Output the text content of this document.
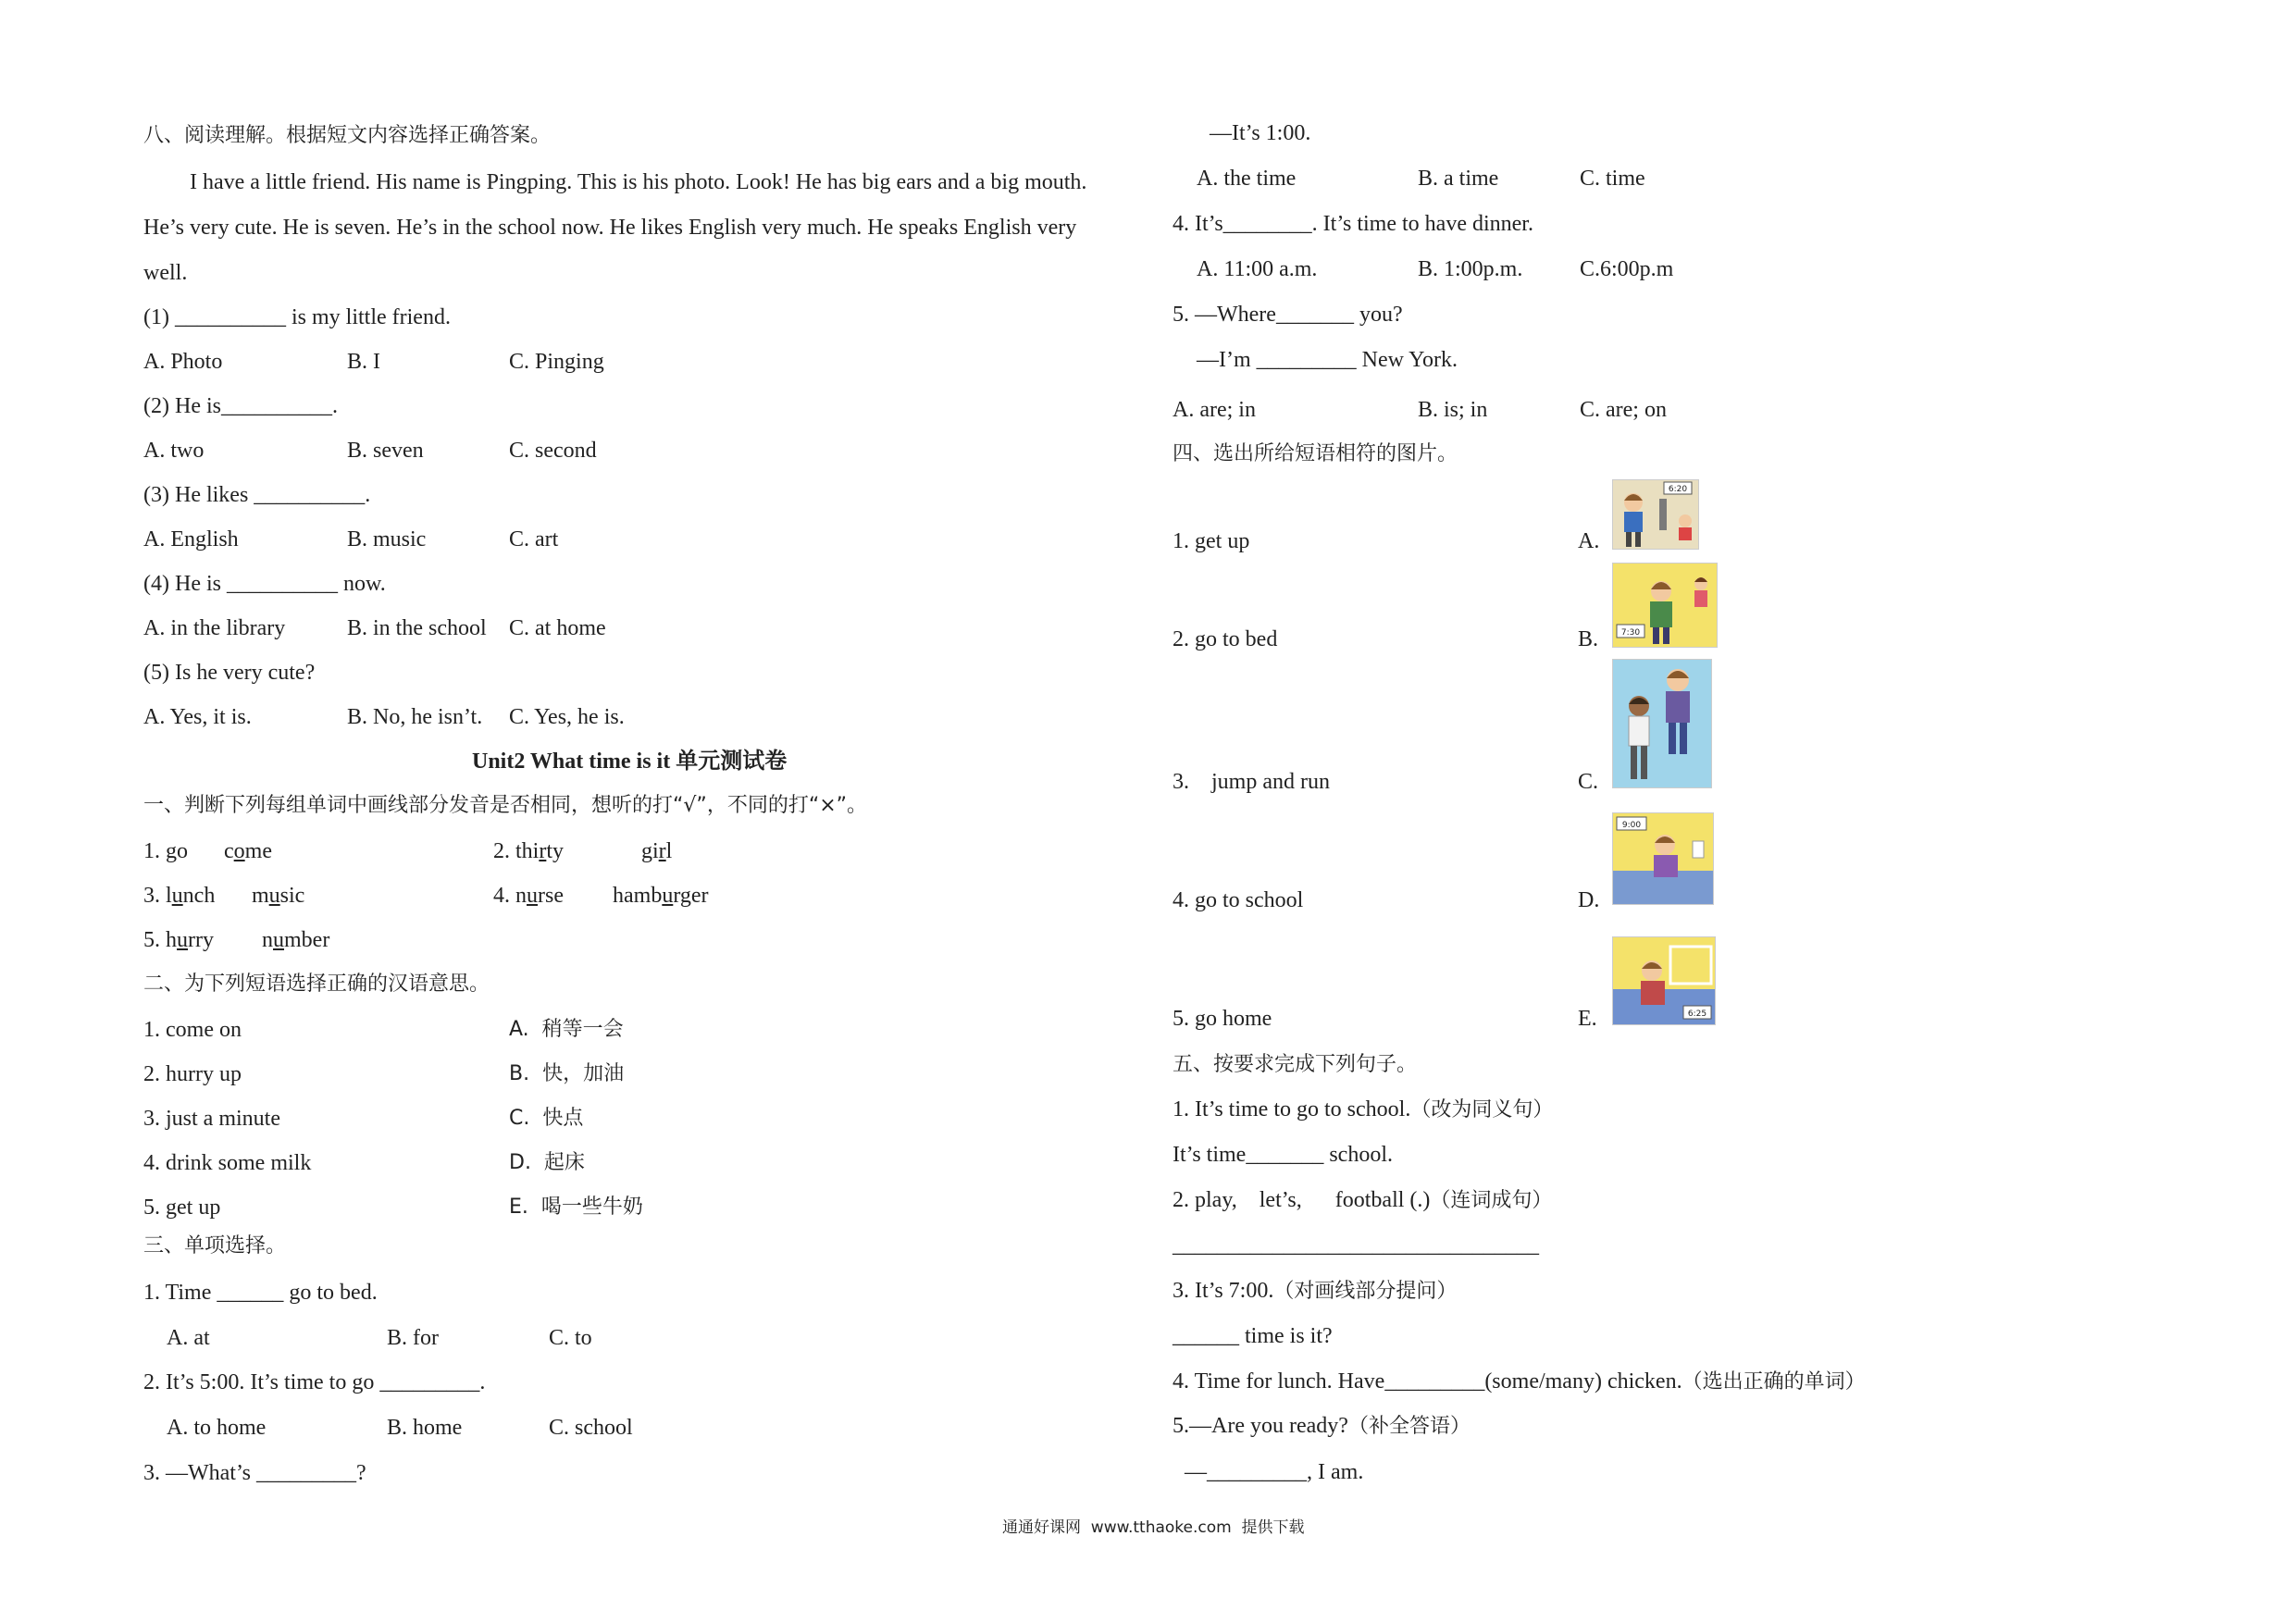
八、阅读理解。根据短文内容选择正确答案。
I have a little friend. His name is Pingping. This is his photo. Look! He has big ears and a big mouth.
He’s very cute. He is seven. He’s in the school now. He likes English very much. He speaks English very
well.
(1) __________ is my little friend.
A. Photo	B. I	C. Pinging
(2) He is__________.
A. two	B. seven	C. second
(3) He likes __________.
A. English	B. music	C. art
(4) He is __________ now.
A. in the library	B. in the school C. at home
(5) Is he very cute?
A. Yes, it is.	B. No, he isn’t. C. Yes, he is.
Unit2 What time is it 单元测试卷
一、判断下列每组单词中画线部分发音是否相同，想听的打“√”，不同的打“×”。
1. go come	2. thirty	girl
3. lunch music	4. nurse hamburger
5. hurry number
二、为下列短语选择正确的汉语意思。
1. come on	A.  稍等一会
2. hurry up	B.  快，加油
3. just a minute	C.  快点
4. drink some milk	D.  起床
5. get up	E.  喝一些牛奶
三、单项选择。
1. Time ______ go to bed.
A. at	B. for	C. to
2. It’s 5:00. It’s time to go _________.
A. to home	B. home	C. school
3. —What’s _________?
—It’s 1:00.
A. the time	B. a time	C. time
4. It’s________. It’s time to have dinner.
A. 11:00 a.m.	B. 1:00p.m.	C.6:00p.m
5. —Where_______ you?
—I’m _________ New York.
A. are; in	B. is; in	C. are; on
四、选出所给短语相符的图片。
1. get up	A.
2. go to bed	B.
3.    jump and run	C.
4. go to school	D.
5. go home	E.
6:20
7:30
9:00
6:25
五、按要求完成下列句子。
1. It’s time to go to school.（改为同义句）
It’s time_______ school.
2. play,    let’s,      football (.)（连词成句）
_________________________________
3. It’s 7:00.（对画线部分提问）
______ time is it?
4. Time for lunch. Have_________(some/many) chicken.（选出正确的单词）
5.—Are you ready?（补全答语）
—_________, I am.
通通好课网  www.tthaoke.com  提供下载
